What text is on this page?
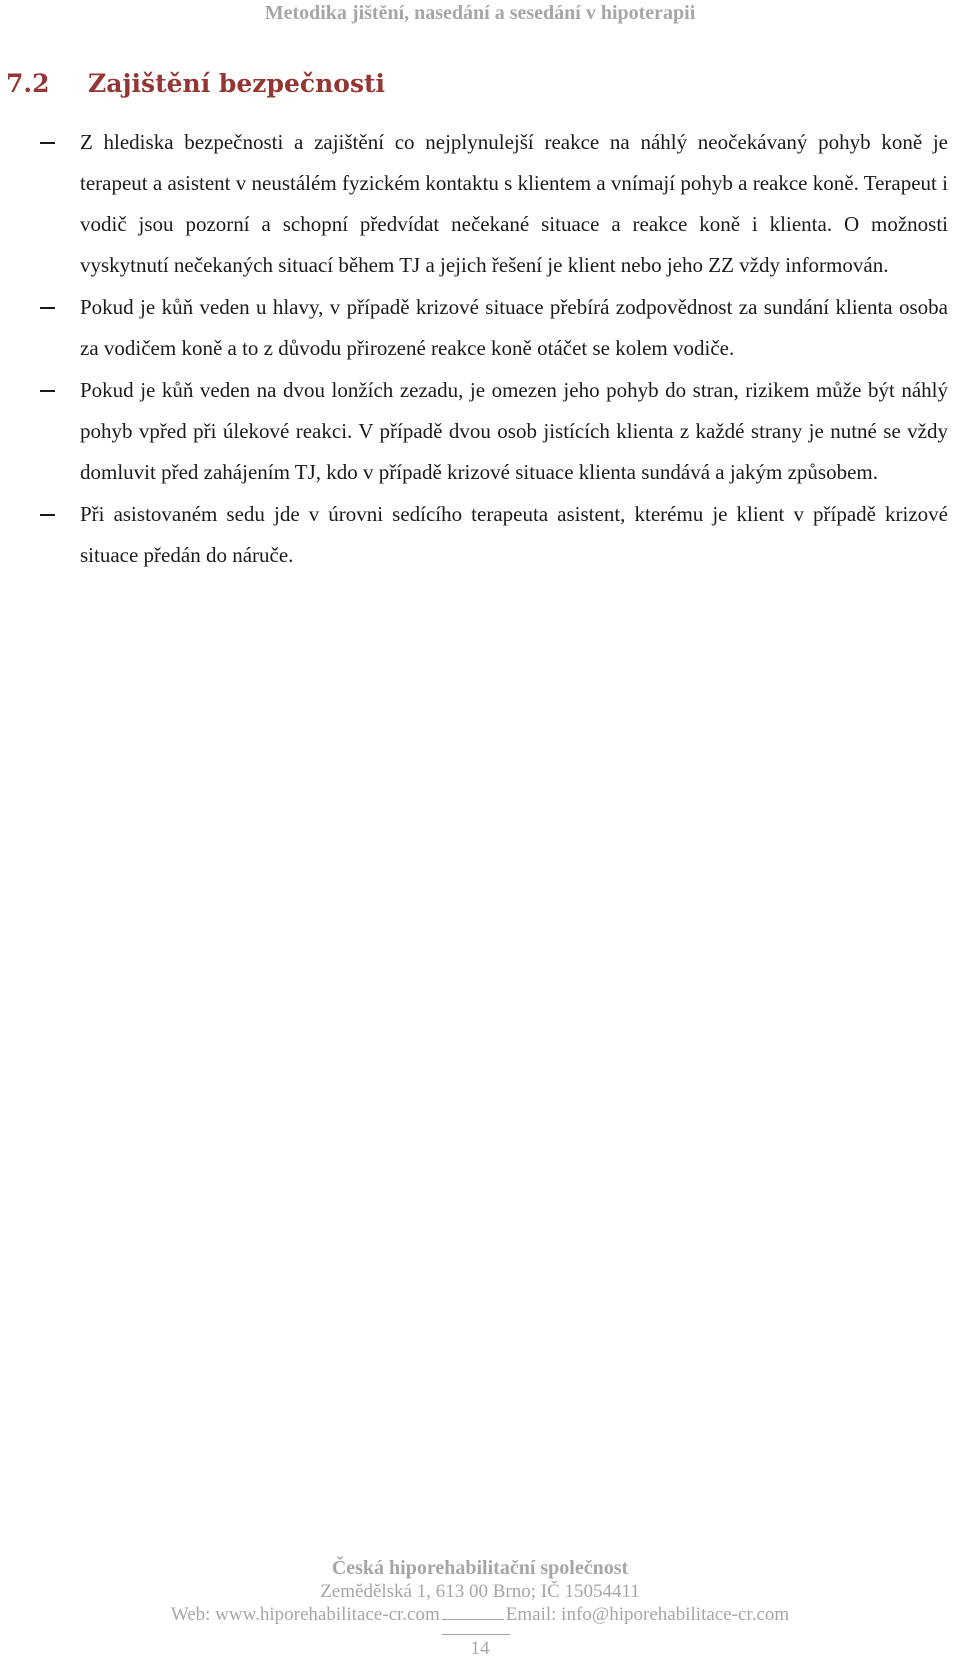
Metodika jištění, nasedání a sesedání v hipoterapii
7.2 Zajištění bezpečnosti

Z hlediska bezpečnosti a zajištění co nejplynulejší reakce na náhlý neočekávaný pohyb koně je terapeut a asistent v neustálém fyzickém kontaktu s klientem a vnímají pohyb a reakce koně. Terapeut i vodič jsou pozorní a schopní předvídat nečekané situace a reakce koně i klienta. O možnosti vyskytnutí nečekaných situací během TJ a jejich řešení je klient nebo jeho ZZ vždy informován.

Pokud je kůň veden u hlavy, v případě krizové situace přebírá zodpovědnost za sundání klienta osoba za vodičem koně a to z důvodu přirozené reakce koně otáčet se kolem vodiče.

Pokud je kůň veden na dvou lonžích zezadu, je omezen jeho pohyb do stran, rizikem může být náhlý pohyb vpřed při úlekové reakci. V případě dvou osob jistících klienta z každé strany je nutné se vždy domluvit před zahájením TJ, kdo v případě krizové situace klienta sundává a jakým způsobem.

Při asistovaném sedu jde v úrovni sedícího terapeuta asistent, kterému je klient v případě krizové situace předán do náruče.

Česká hiporehabilitační společnost
Zemědělská 1, 613 00 Brno; IČ 15054411
Web: www.hiporehabilitace-cr.com	Email: info@hiporehabilitace-cr.com
14
